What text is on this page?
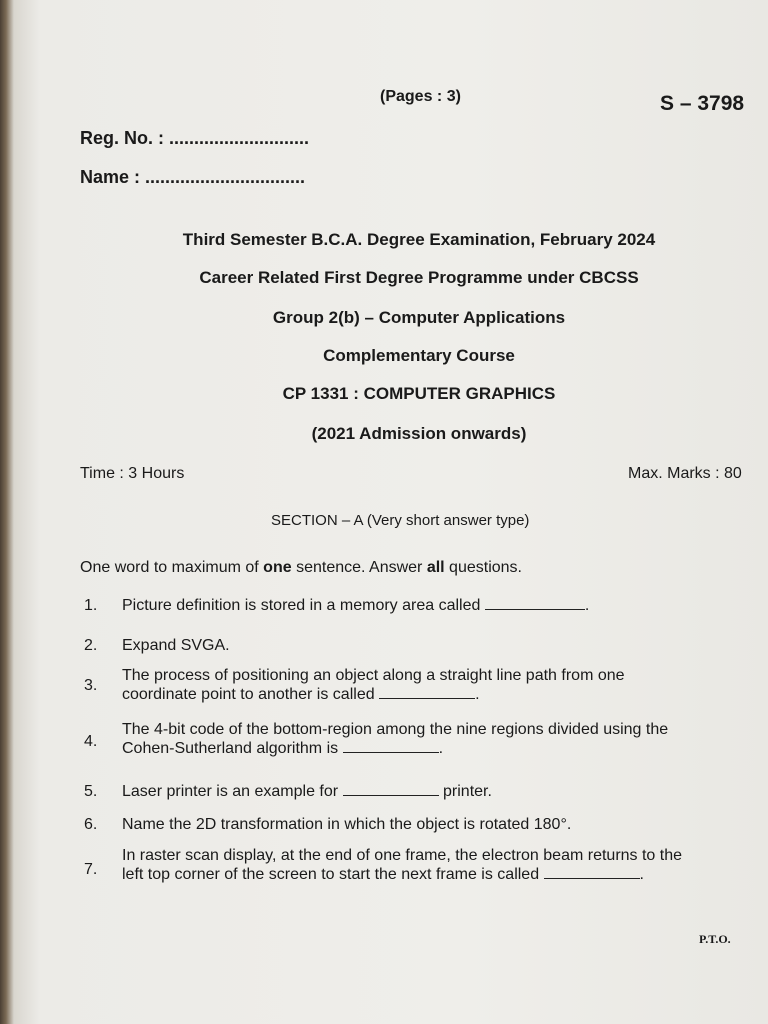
(Pages : 3)	S – 3798
Reg. No. : ............................
Name : ................................
Third Semester B.C.A. Degree Examination, February 2024
Career Related First Degree Programme under CBCSS
Group 2(b) – Computer Applications
Complementary Course
CP 1331 : COMPUTER GRAPHICS
(2021 Admission onwards)
Time : 3 Hours	Max. Marks : 80
SECTION – A (Very short answer type)
One word to maximum of one sentence. Answer all questions.
1. Picture definition is stored in a memory area called	.
2. Expand SVGA.
3.
The process of positioning an object along a straight line path from one
coordinate point to another is called	.
4.
The 4-bit code of the bottom-region among the nine regions divided using the
Cohen-Sutherland algorithm is	.
5. Laser printer is an example for	printer.
6. Name the 2D transformation in which the object is rotated 180°.
7.
In raster scan display, at the end of one frame, the electron beam returns to the
left top corner of the screen to start the next frame is called	.
P.T.O.
